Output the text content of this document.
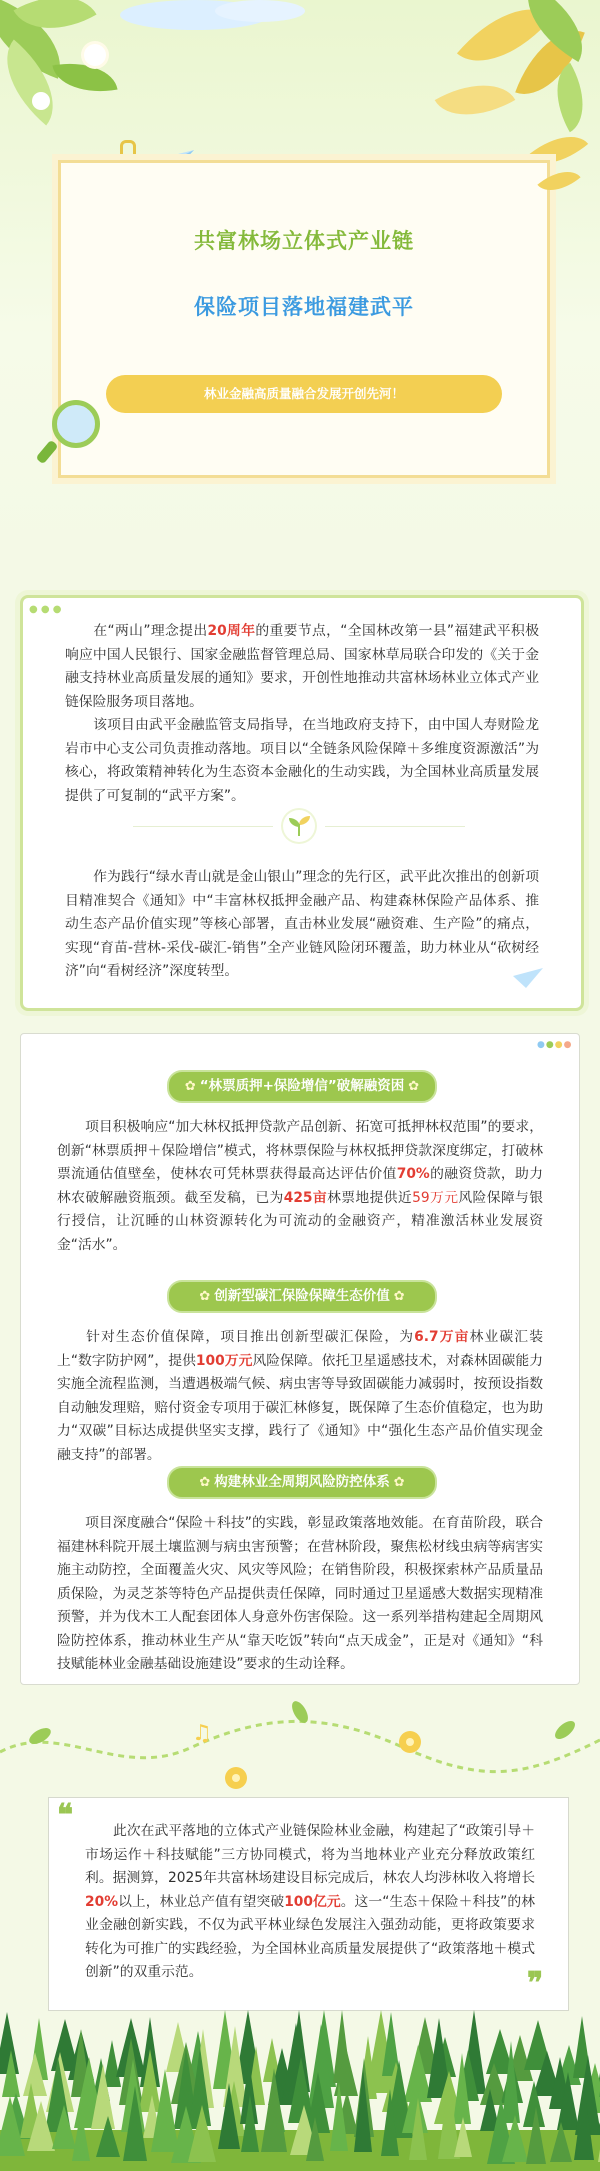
共富林场立体式产业链
保险项目落地福建武平
林业金融高质量融合发展开创先河！
● ● ●

在“两山”理念提出20周年的重要节点，“全国林改第一县”福建武平积极响应中国人民银行、国家金融监督管理总局、国家林草局联合印发的《关于金融支持林业高质量发展的通知》要求，开创性地推动共富林场林业立体式产业链保险服务项目落地。

该项目由武平金融监管支局指导，在当地政府支持下，由中国人寿财险龙岩市中心支公司负责推动落地。项目以“全链条风险保障＋多维度资源激活”为核心，将政策精神转化为生态资本金融化的生动实践，为全国林业高质量发展提供了可复制的“武平方案”。

作为践行“绿水青山就是金山银山”理念的先行区，武平此次推出的创新项目精准契合《通知》中“丰富林权抵押金融产品、构建森林保险产品体系、推动生态产品价值实现”等核心部署，直击林业发展“融资难、生产险”的痛点，实现“育苗-营林-采伐-碳汇-销售”全产业链风险闭环覆盖，助力林业从“砍树经济”向“看树经济”深度转型。

●●●●
✿ “林票质押+保险增信”破解融资困 ✿

项目积极响应“加大林权抵押贷款产品创新、拓宽可抵押林权范围”的要求，创新“林票质押＋保险增信”模式，将林票保险与林权抵押贷款深度绑定，打破林票流通估值壁垒，使林农可凭林票获得最高达评估价值70%的融资贷款，助力林农破解融资瓶颈。截至发稿，已为425亩林票地提供近59万元风险保障与银行授信，让沉睡的山林资源转化为可流动的金融资产，精准激活林业发展资金“活水”。

✿ 创新型碳汇保险保障生态价值 ✿

针对生态价值保障，项目推出创新型碳汇保险，为6.7万亩林业碳汇装上“数字防护网”，提供100万元风险保障。依托卫星遥感技术，对森林固碳能力实施全流程监测，当遭遇极端气候、病虫害等导致固碳能力减弱时，按预设指数自动触发理赔，赔付资金专项用于碳汇林修复，既保障了生态价值稳定，也为助力“双碳”目标达成提供坚实支撑，践行了《通知》中“强化生态产品价值实现金融支持”的部署。

✿ 构建林业全周期风险防控体系 ✿

项目深度融合“保险＋科技”的实践，彰显政策落地效能。在育苗阶段，联合福建林科院开展土壤监测与病虫害预警；在营林阶段，聚焦松材线虫病等病害实施主动防控，全面覆盖火灾、风灾等风险；在销售阶段，积极探索林产品质量品质保险，为灵芝茶等特色产品提供责任保障，同时通过卫星遥感大数据实现精准预警，并为伐木工人配套团体人身意外伤害保险。这一系列举措构建起全周期风险防控体系，推动林业生产从“靠天吃饭”转向“点天成金”，正是对《通知》“科技赋能林业金融基础设施建设”要求的生动诠释。

♫
❝	此次在武平落地的立体式产业链保险林业金融，构建起了“政策引导＋市场运作＋科技赋能”三方协同模式，将为当地林业产业充分释放政策红利。据测算，2025年共富林场建设目标完成后，林农人均涉林收入将增长20%以上，林业总产值有望突破100亿元。这一“生态＋保险＋科技”的林业金融创新实践，不仅为武平林业绿色发展注入强劲动能，更将政策要求转化为可推广的实践经验，为全国林业高质量发展提供了“政策落地＋模式创新”的双重示范。	❞
